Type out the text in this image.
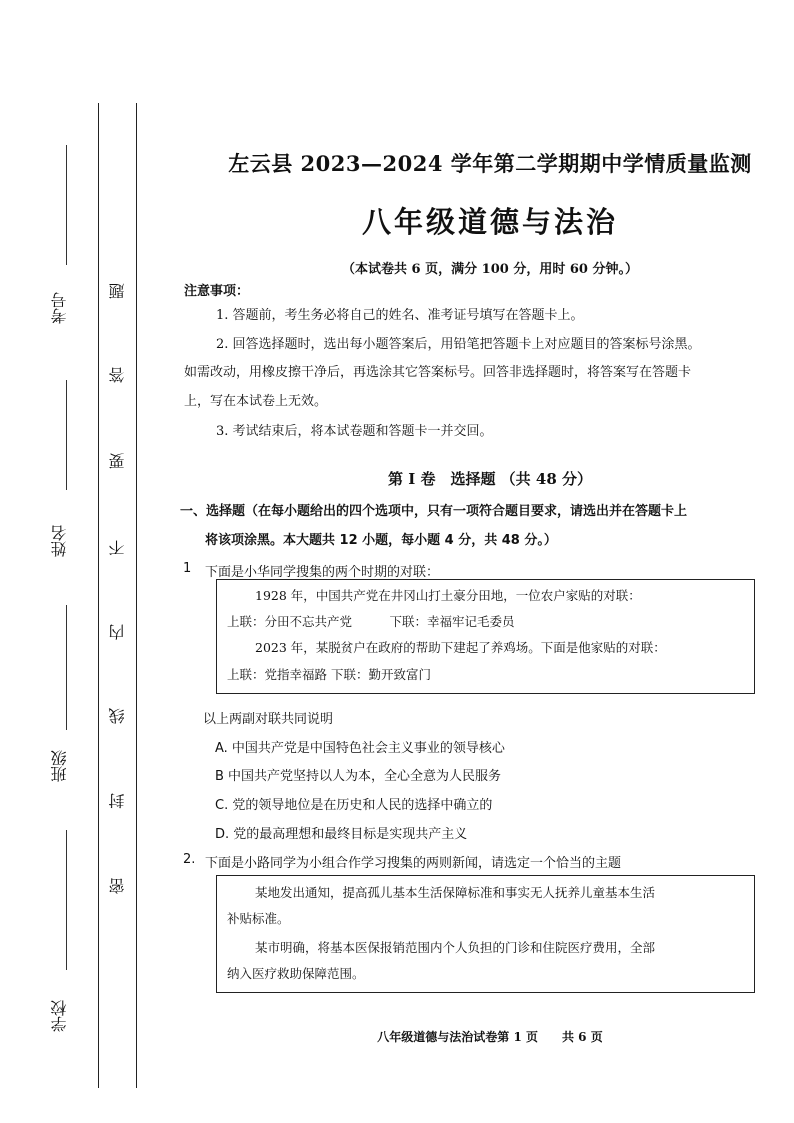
考号
姓名
班级
学校
题
答
要
不
内
线
封
密
左云县 2023—2024 学年第二学期期中学情质量监测
八年级道德与法治
（本试卷共 6 页，满分 100 分，用时 60 分钟。）
注意事项：
1. 答题前，考生务必将自己的姓名、准考证号填写在答题卡上。
2. 回答选择题时，选出每小题答案后，用铅笔把答题卡上对应题目的答案标号涂黑。
如需改动，用橡皮擦干净后，再选涂其它答案标号。回答非选择题时，将答案写在答题卡
上，写在本试卷上无效。
3. 考试结束后，将本试卷题和答题卡一并交回。
第 I 卷　选择题 （共 48 分）
一、选择题（在每小题给出的四个选项中，只有一项符合题目要求，请选出并在答题卡上
将该项涂黑。本大题共 12 小题，每小题 4 分，共 48 分。）
1 下面是小华同学搜集的两个时期的对联：
1928 年，中国共产党在井冈山打土豪分田地，一位农户家贴的对联：
上联：分田不忘共产党　　　下联：幸福牢记毛委员
2023 年，某脱贫户在政府的帮助下建起了养鸡场。下面是他家贴的对联：
上联：党指幸福路 下联：勤开致富门
以上两副对联共同说明
A. 中国共产党是中国特色社会主义事业的领导核心
B 中国共产党坚持以人为本，全心全意为人民服务
C. 党的领导地位是在历史和人民的选择中确立的
D. 党的最高理想和最终目标是实现共产主义
2. 下面是小路同学为小组合作学习搜集的两则新闻，请选定一个恰当的主题
某地发出通知，提高孤儿基本生活保障标准和事实无人抚养儿童基本生活
补贴标准。
某市明确，将基本医保报销范围内个人负担的门诊和住院医疗费用，全部
纳入医疗救助保障范围。
八年级道德与法治试卷第 1 页　　共 6 页
